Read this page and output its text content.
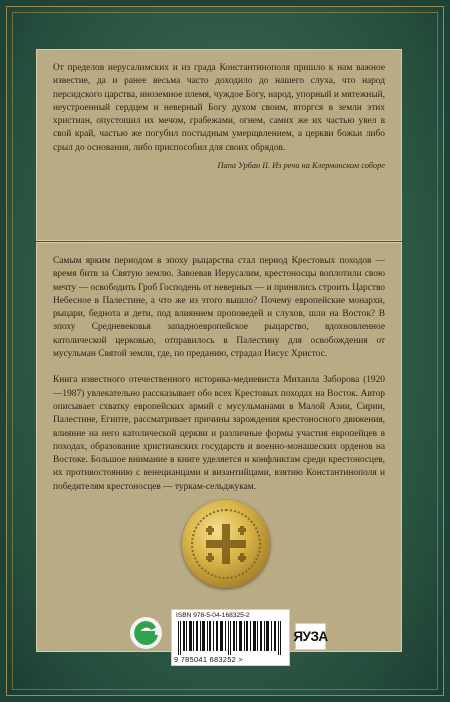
От пределов иерусалимских и из града Константинополя пришло к нам важное известие, да и ранее весьма часто доходило до нашего слуха, что народ персидского царства, иноземное племя, чуждое Богу, народ, упорный и мятежный, неустроенный сердцем и неверный Богу духом своим, вторгся в земли этих христиан, опустошил их мечом, грабежами, огнем, самих же их частью увел в свой край, частью же погубил постыдным умерщвлением, а церкви божьи либо срыл до основания, либо приспособил для своих обрядов.
Папа Урбан II. Из речи на Клермонском соборе

Самым ярким периодом в эпоху рыцарства стал период Крестовых походов — время битв за Святую землю. Завоевав Иерусалим, крестоносцы воплотили свою мечту — освободить Гроб Господень от неверных — и принялись строить Царство Небесное в Палестине, а что же из этого вышло? Почему европейские монархи, рыцари, беднота и дети, под влиянием проповедей и слухов, шли на Восток? В эпоху Средневековья западноевропейское рыцарство, вдохновленное католической церковью, отправилось в Палестину для освобождения от мусульман Святой земли, где, по преданию, страдал Иисус Христос.

Книга известного отечественного историка-медиевиста Михаила Заборова (1920—1987) увлекательно рассказывает обо всех Крестовых походах на Восток. Автор описывает схватку европейских армий с мусульманами в Малой Азии, Сирии, Палестине, Египте, рассматривает причины зарождения крестоносного движения, влияние на него католической церкви и различные формы участия европейцев в походах, образование христианских государств и военно-монашеских орденов на Востоке. Большое внимание в книге уделяется и конфликтам среди крестоносцев, их противостоянию с венецианцами и византийцами, взятию Константинополя и победителям крестоносцев — туркам-сельджукам.

ISBN 978-5-04-168325-2
9 785041 683252 >
ЯУЗА
